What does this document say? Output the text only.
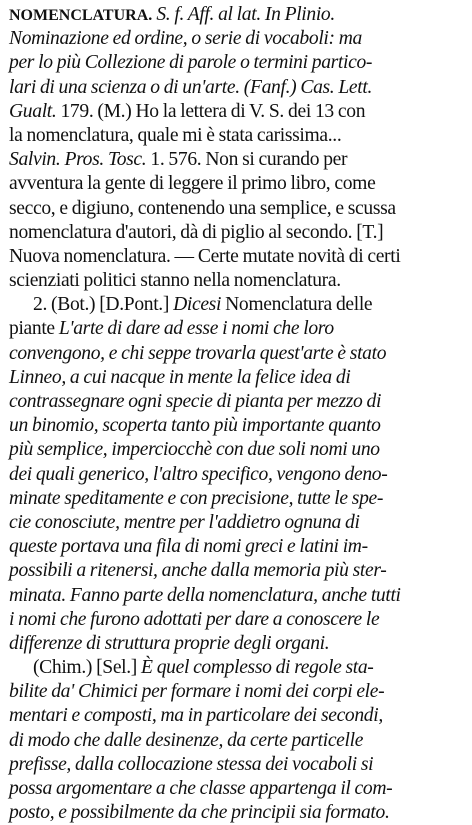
NOMENCLATURA. S. f. Aff. al lat. In Plinio.
Nominazione ed ordine, o serie di vocaboli: ma
per lo più Collezione di parole o termini partico-
lari di una scienza o di un'arte. (Fanf.) Cas. Lett.
Gualt. 179. (M.) Ho la lettera di V. S. dei 13 con
la nomenclatura, quale mi è stata carissima...
Salvin. Pros. Tosc. 1. 576. Non si curando per
avventura la gente di leggere il primo libro, come
secco, e digiuno, contenendo una semplice, e scussa
nomenclatura d'autori, dà di piglio al secondo. [T.]
Nuova nomenclatura. — Certe mutate novità di certi
scienziati politici stanno nella nomenclatura.
2. (Bot.) [D.Pont.] Dicesi Nomenclatura delle
piante L'arte di dare ad esse i nomi che loro
convengono, e chi seppe trovarla quest'arte è stato
Linneo, a cui nacque in mente la felice idea di
contrassegnare ogni specie di pianta per mezzo di
un binomio, scoperta tanto più importante quanto
più semplice, imperciocchè con due soli nomi uno
dei quali generico, l'altro specifico, vengono deno-
minate speditamente e con precisione, tutte le spe-
cie conosciute, mentre per l'addietro ognuna di
queste portava una fila di nomi greci e latini im-
possibili a ritenersi, anche dalla memoria più ster-
minata. Fanno parte della nomenclatura, anche tutti
i nomi che furono adottati per dare a conoscere le
differenze di struttura proprie degli organi.
(Chim.) [Sel.] È quel complesso di regole sta-
bilite da' Chimici per formare i nomi dei corpi ele-
mentari e composti, ma in particolare dei secondi,
di modo che dalle desinenze, da certe particelle
prefisse, dalla collocazione stessa dei vocaboli si
possa argomentare a che classe appartenga il com-
posto, e possibilmente da che principii sia formato.
